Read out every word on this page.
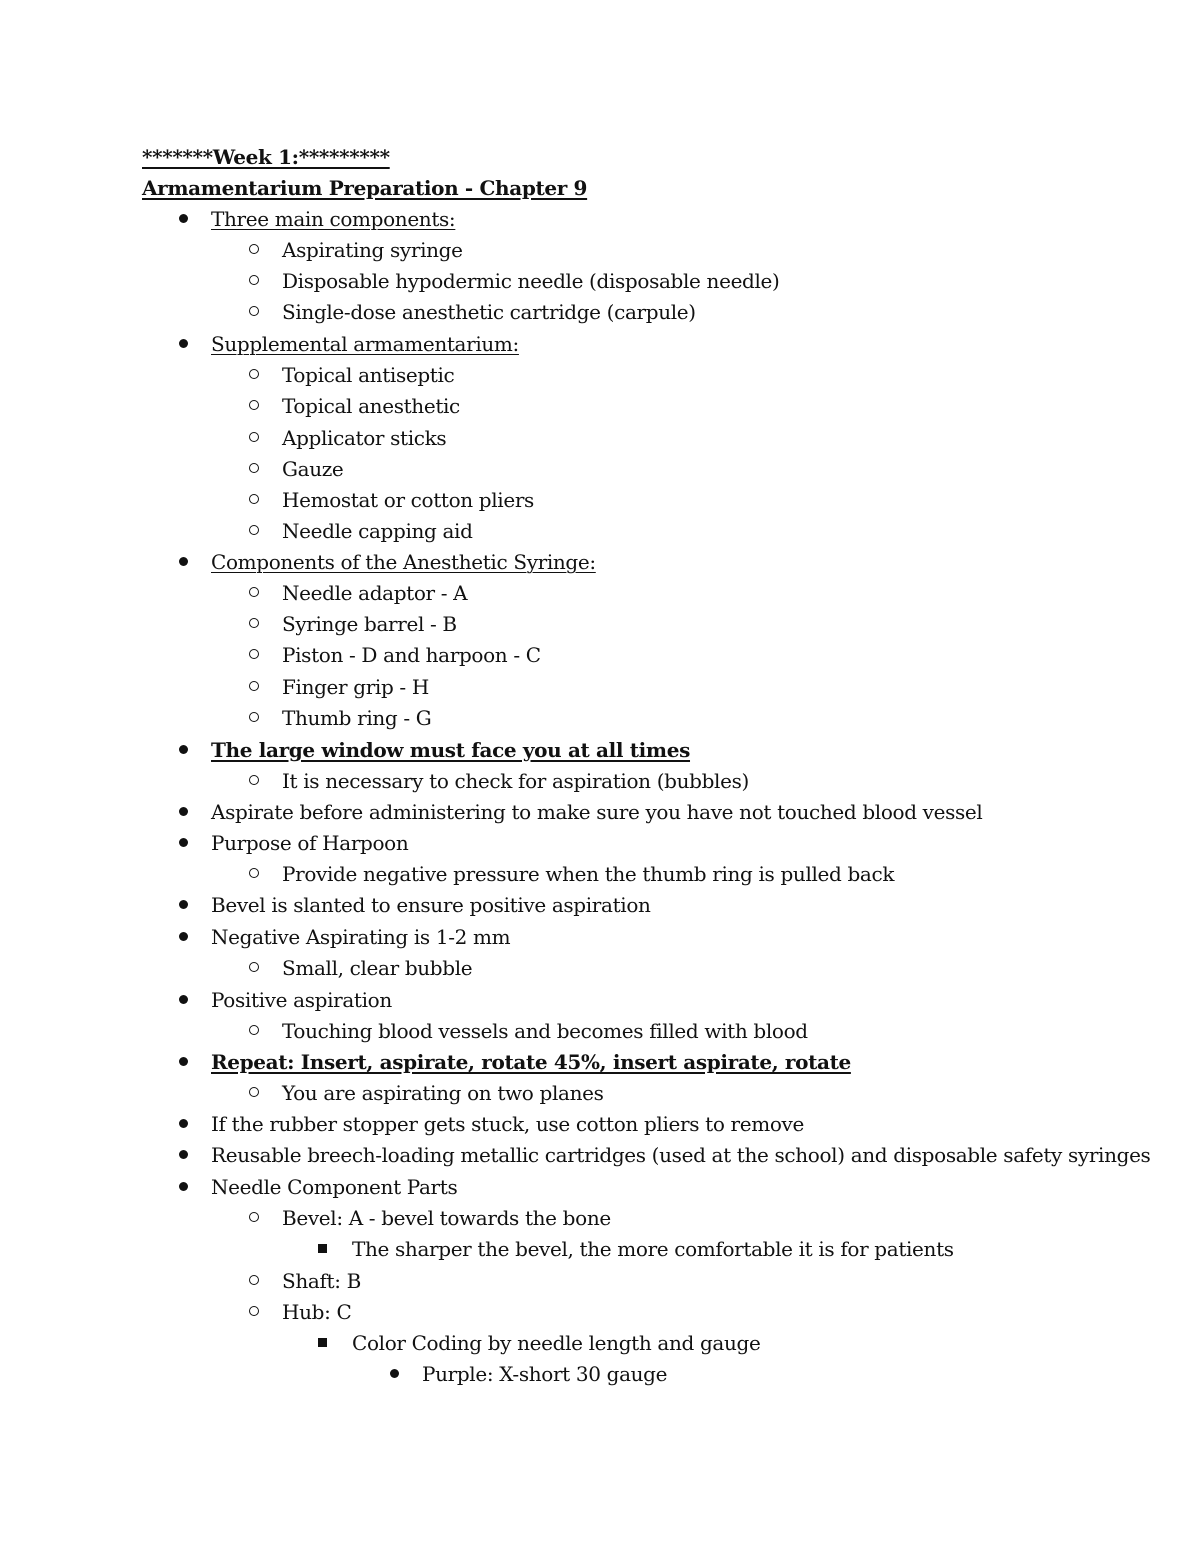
*******Week 1:*********
Armamentarium Preparation - Chapter 9
Three main components:
Aspirating syringe
Disposable hypodermic needle (disposable needle)
Single-dose anesthetic cartridge (carpule)
Supplemental armamentarium:
Topical antiseptic
Topical anesthetic
Applicator sticks
Gauze
Hemostat or cotton pliers
Needle capping aid
Components of the Anesthetic Syringe:
Needle adaptor - A
Syringe barrel - B
Piston - D and harpoon - C
Finger grip - H
Thumb ring - G
The large window must face you at all times
It is necessary to check for aspiration (bubbles)
Aspirate before administering to make sure you have not touched blood vessel
Purpose of Harpoon
Provide negative pressure when the thumb ring is pulled back
Bevel is slanted to ensure positive aspiration
Negative Aspirating is 1-2 mm
Small, clear bubble
Positive aspiration
Touching blood vessels and becomes filled with blood
Repeat: Insert, aspirate, rotate 45%, insert aspirate, rotate
You are aspirating on two planes
If the rubber stopper gets stuck, use cotton pliers to remove
Reusable breech-loading metallic cartridges (used at the school) and disposable safety syringes
Needle Component Parts
Bevel: A - bevel towards the bone
The sharper the bevel, the more comfortable it is for patients
Shaft: B
Hub: C
Color Coding by needle length and gauge
Purple: X-short 30 gauge
